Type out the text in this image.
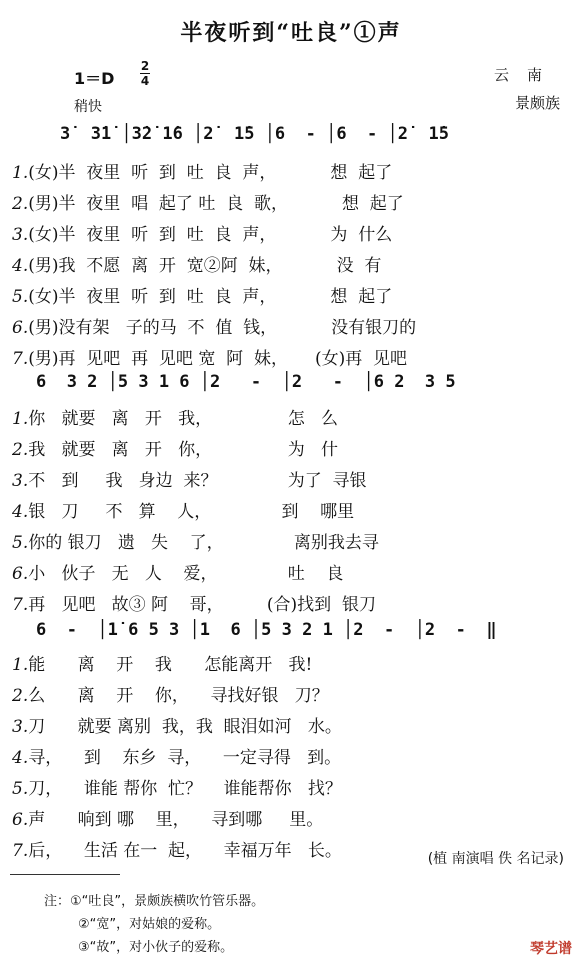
半夜听到“吐良”①声
1＝D
2
4
稍快
云南
景颇族
3̇  3̇1̇ │3̇2̇ 1̇6 │2̇  1̇5 │6  - │6  - │2̇  1̇5
1.(女)半  夜里  听  到  吐  良  声，          想  起了
2.(男)半  夜里  唱  起了 吐  良  歌，          想  起了
3.(女)半  夜里  听  到  吐  良  声，          为  什么
4.(男)我  不愿  离  开  宽②阿  妹，          没  有
5.(女)半  夜里  听  到  吐  良  声，          想  起了
6.(男)没有架   子的马  不  值  钱，          没有银刀的
7.(男)再  见吧  再  见吧 宽  阿  妹，     (女)再  见吧
6  3 2 │5 3 1 6 │2   -  │2   -  │6 2  3 5
1.你   就要   离   开   我，              怎   么
2.我   就要   离   开   你，              为   什
3.不   到     我   身边  来？             为了  寻银
4.银   刀     不   算    人，             到    哪里
5.你的 银刀   遗   失    了，             离别我去寻
6.小   伙子   无   人    爱，             吐    良
7.再   见吧   故③ 阿    哥，        (合)找到  银刀
6  -  │1̇ 6 5 3 │1  6 │5 3 2 1 │2  -  │2  -  ‖
1.能      离    开    我      怎能离开   我!
2.么      离    开    你，    寻找好银   刀？
3.刀      就要 离别  我，我  眼泪如河   水。
4.寻，    到    东乡  寻，    一定寻得   到。
5.刀，    谁能 帮你  忙？    谁能帮你   找？
6.声      响到 哪    里，    寻到哪     里。
7.后，    生活 在一  起，    幸福万年   长。	(植 南演唱 佚 名记录)
注：①“吐良”，景颇族横吹竹管乐器。
②“宽”，对姑娘的爱称。
③“故”，对小伙子的爱称。	琴艺谱
